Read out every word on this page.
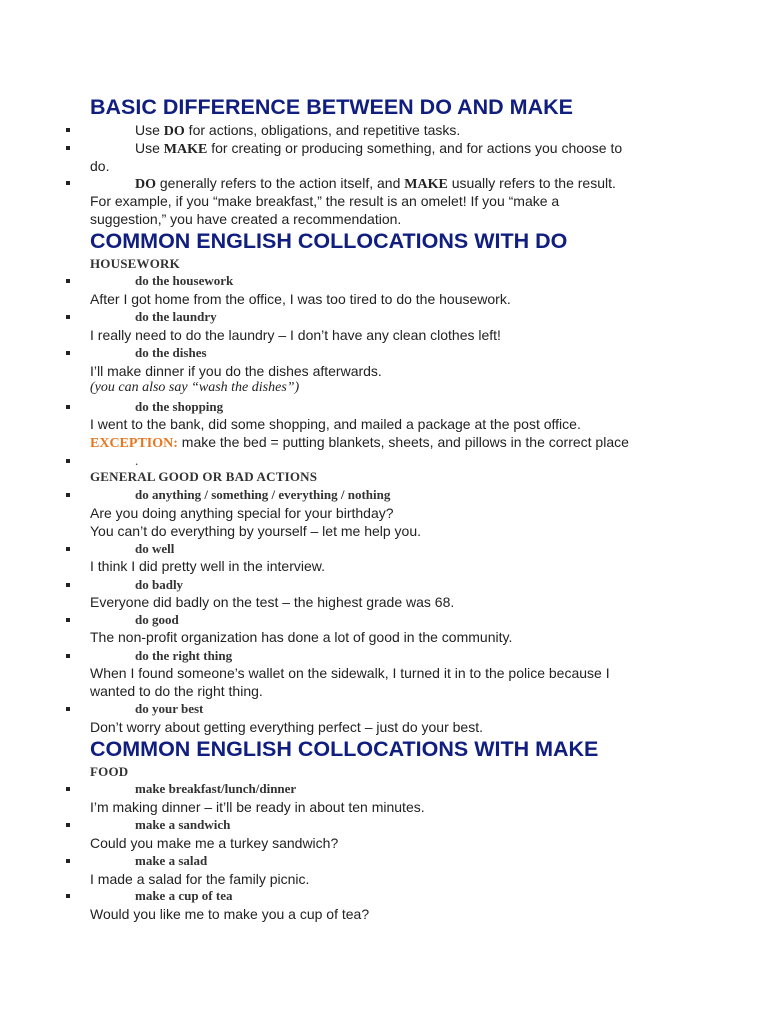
BASIC DIFFERENCE BETWEEN DO AND MAKE
Use DO for actions, obligations, and repetitive tasks.
Use MAKE for creating or producing something, and for actions you choose to
do.
DO generally refers to the action itself, and MAKE usually refers to the result.
For example, if you “make breakfast,” the result is an omelet! If you “make a
suggestion,” you have created a recommendation.
COMMON ENGLISH COLLOCATIONS WITH DO
HOUSEWORK
do the housework
After I got home from the office, I was too tired to do the housework.
do the laundry
I really need to do the laundry – I don’t have any clean clothes left!
do the dishes
I’ll make dinner if you do the dishes afterwards.
(you can also say “wash the dishes”)
do the shopping
I went to the bank, did some shopping, and mailed a package at the post office.
EXCEPTION: make the bed = putting blankets, sheets, and pillows in the correct place
.
GENERAL GOOD OR BAD ACTIONS
do anything / something / everything / nothing
Are you doing anything special for your birthday?
You can’t do everything by yourself – let me help you.
do well
I think I did pretty well in the interview.
do badly
Everyone did badly on the test – the highest grade was 68.
do good
The non-profit organization has done a lot of good in the community.
do the right thing
When I found someone’s wallet on the sidewalk, I turned it in to the police because I
wanted to do the right thing.
do your best
Don’t worry about getting everything perfect – just do your best.
COMMON ENGLISH COLLOCATIONS WITH MAKE
FOOD
make breakfast/lunch/dinner
I’m making dinner – it’ll be ready in about ten minutes.
make a sandwich
Could you make me a turkey sandwich?
make a salad
I made a salad for the family picnic.
make a cup of tea
Would you like me to make you a cup of tea?
